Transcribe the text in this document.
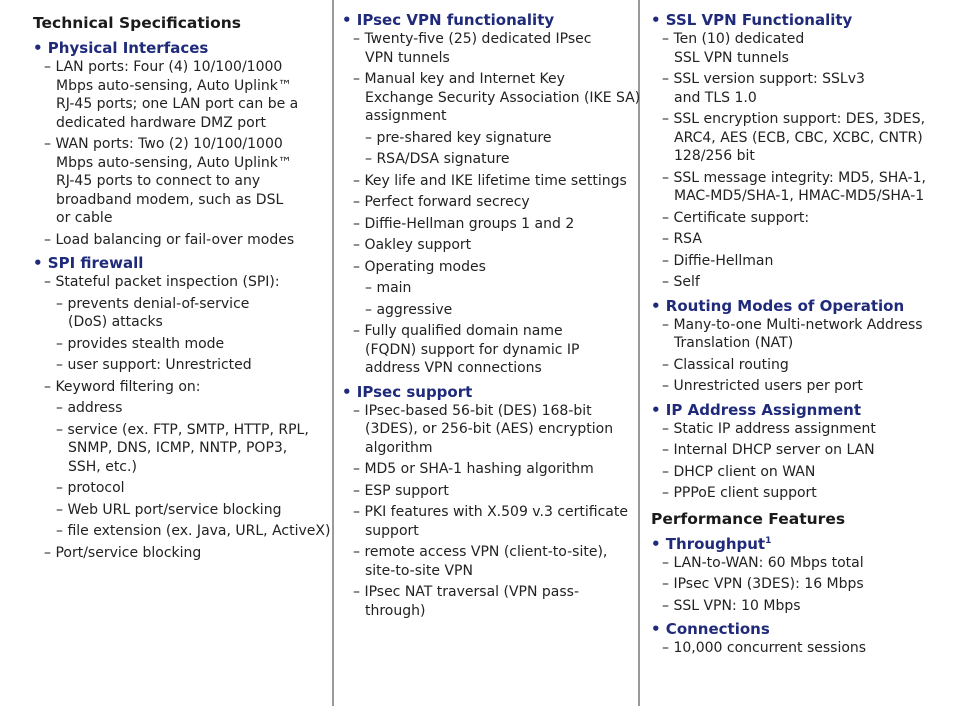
Technical Specifications
• Physical Interfaces
– LAN ports: Four (4) 10/100/1000
Mbps auto-sensing, Auto Uplink™
RJ-45 ports; one LAN port can be a
dedicated hardware DMZ port
– WAN ports: Two (2) 10/100/1000
Mbps auto-sensing, Auto Uplink™
RJ-45 ports to connect to any
broadband modem, such as DSL
or cable
– Load balancing or fail-over modes
• SPI firewall
– Stateful packet inspection (SPI):
– prevents denial-of-service
(DoS) attacks
– provides stealth mode
– user support: Unrestricted
– Keyword filtering on:
– address
– service (ex. FTP, SMTP, HTTP, RPL,
SNMP, DNS, ICMP, NNTP, POP3,
SSH, etc.)
– protocol
– Web URL port/service blocking
– file extension (ex. Java, URL, ActiveX)
– Port/service blocking
• IPsec VPN functionality
– Twenty-five (25) dedicated IPsec
VPN tunnels
– Manual key and Internet Key
Exchange Security Association (IKE SA)
assignment
– pre-shared key signature
– RSA/DSA signature
– Key life and IKE lifetime time settings
– Perfect forward secrecy
– Diffie-Hellman groups 1 and 2
– Oakley support
– Operating modes
– main
– aggressive
– Fully qualified domain name
(FQDN) support for dynamic IP
address VPN connections
• IPsec support
– IPsec-based 56-bit (DES) 168-bit
(3DES), or 256-bit (AES) encryption
algorithm
– MD5 or SHA-1 hashing algorithm
– ESP support
– PKI features with X.509 v.3 certificate
support
– remote access VPN (client-to-site),
site-to-site VPN
– IPsec NAT traversal (VPN pass-
through)
• SSL VPN Functionality
– Ten (10) dedicated
SSL VPN tunnels
– SSL version support: SSLv3
and TLS 1.0
– SSL encryption support: DES, 3DES,
ARC4, AES (ECB, CBC, XCBC, CNTR)
128/256 bit
– SSL message integrity: MD5, SHA-1,
MAC-MD5/SHA-1, HMAC-MD5/SHA-1
– Certificate support:
– RSA
– Diffie-Hellman
– Self
• Routing Modes of Operation
– Many-to-one Multi-network Address
Translation (NAT)
– Classical routing
– Unrestricted users per port
• IP Address Assignment
– Static IP address assignment
– Internal DHCP server on LAN
– DHCP client on WAN
– PPPoE client support
Performance Features
• Throughput$^1$
– LAN-to-WAN: 60 Mbps total
– IPsec VPN (3DES): 16 Mbps
– SSL VPN: 10 Mbps
• Connections
– 10,000 concurrent sessions
